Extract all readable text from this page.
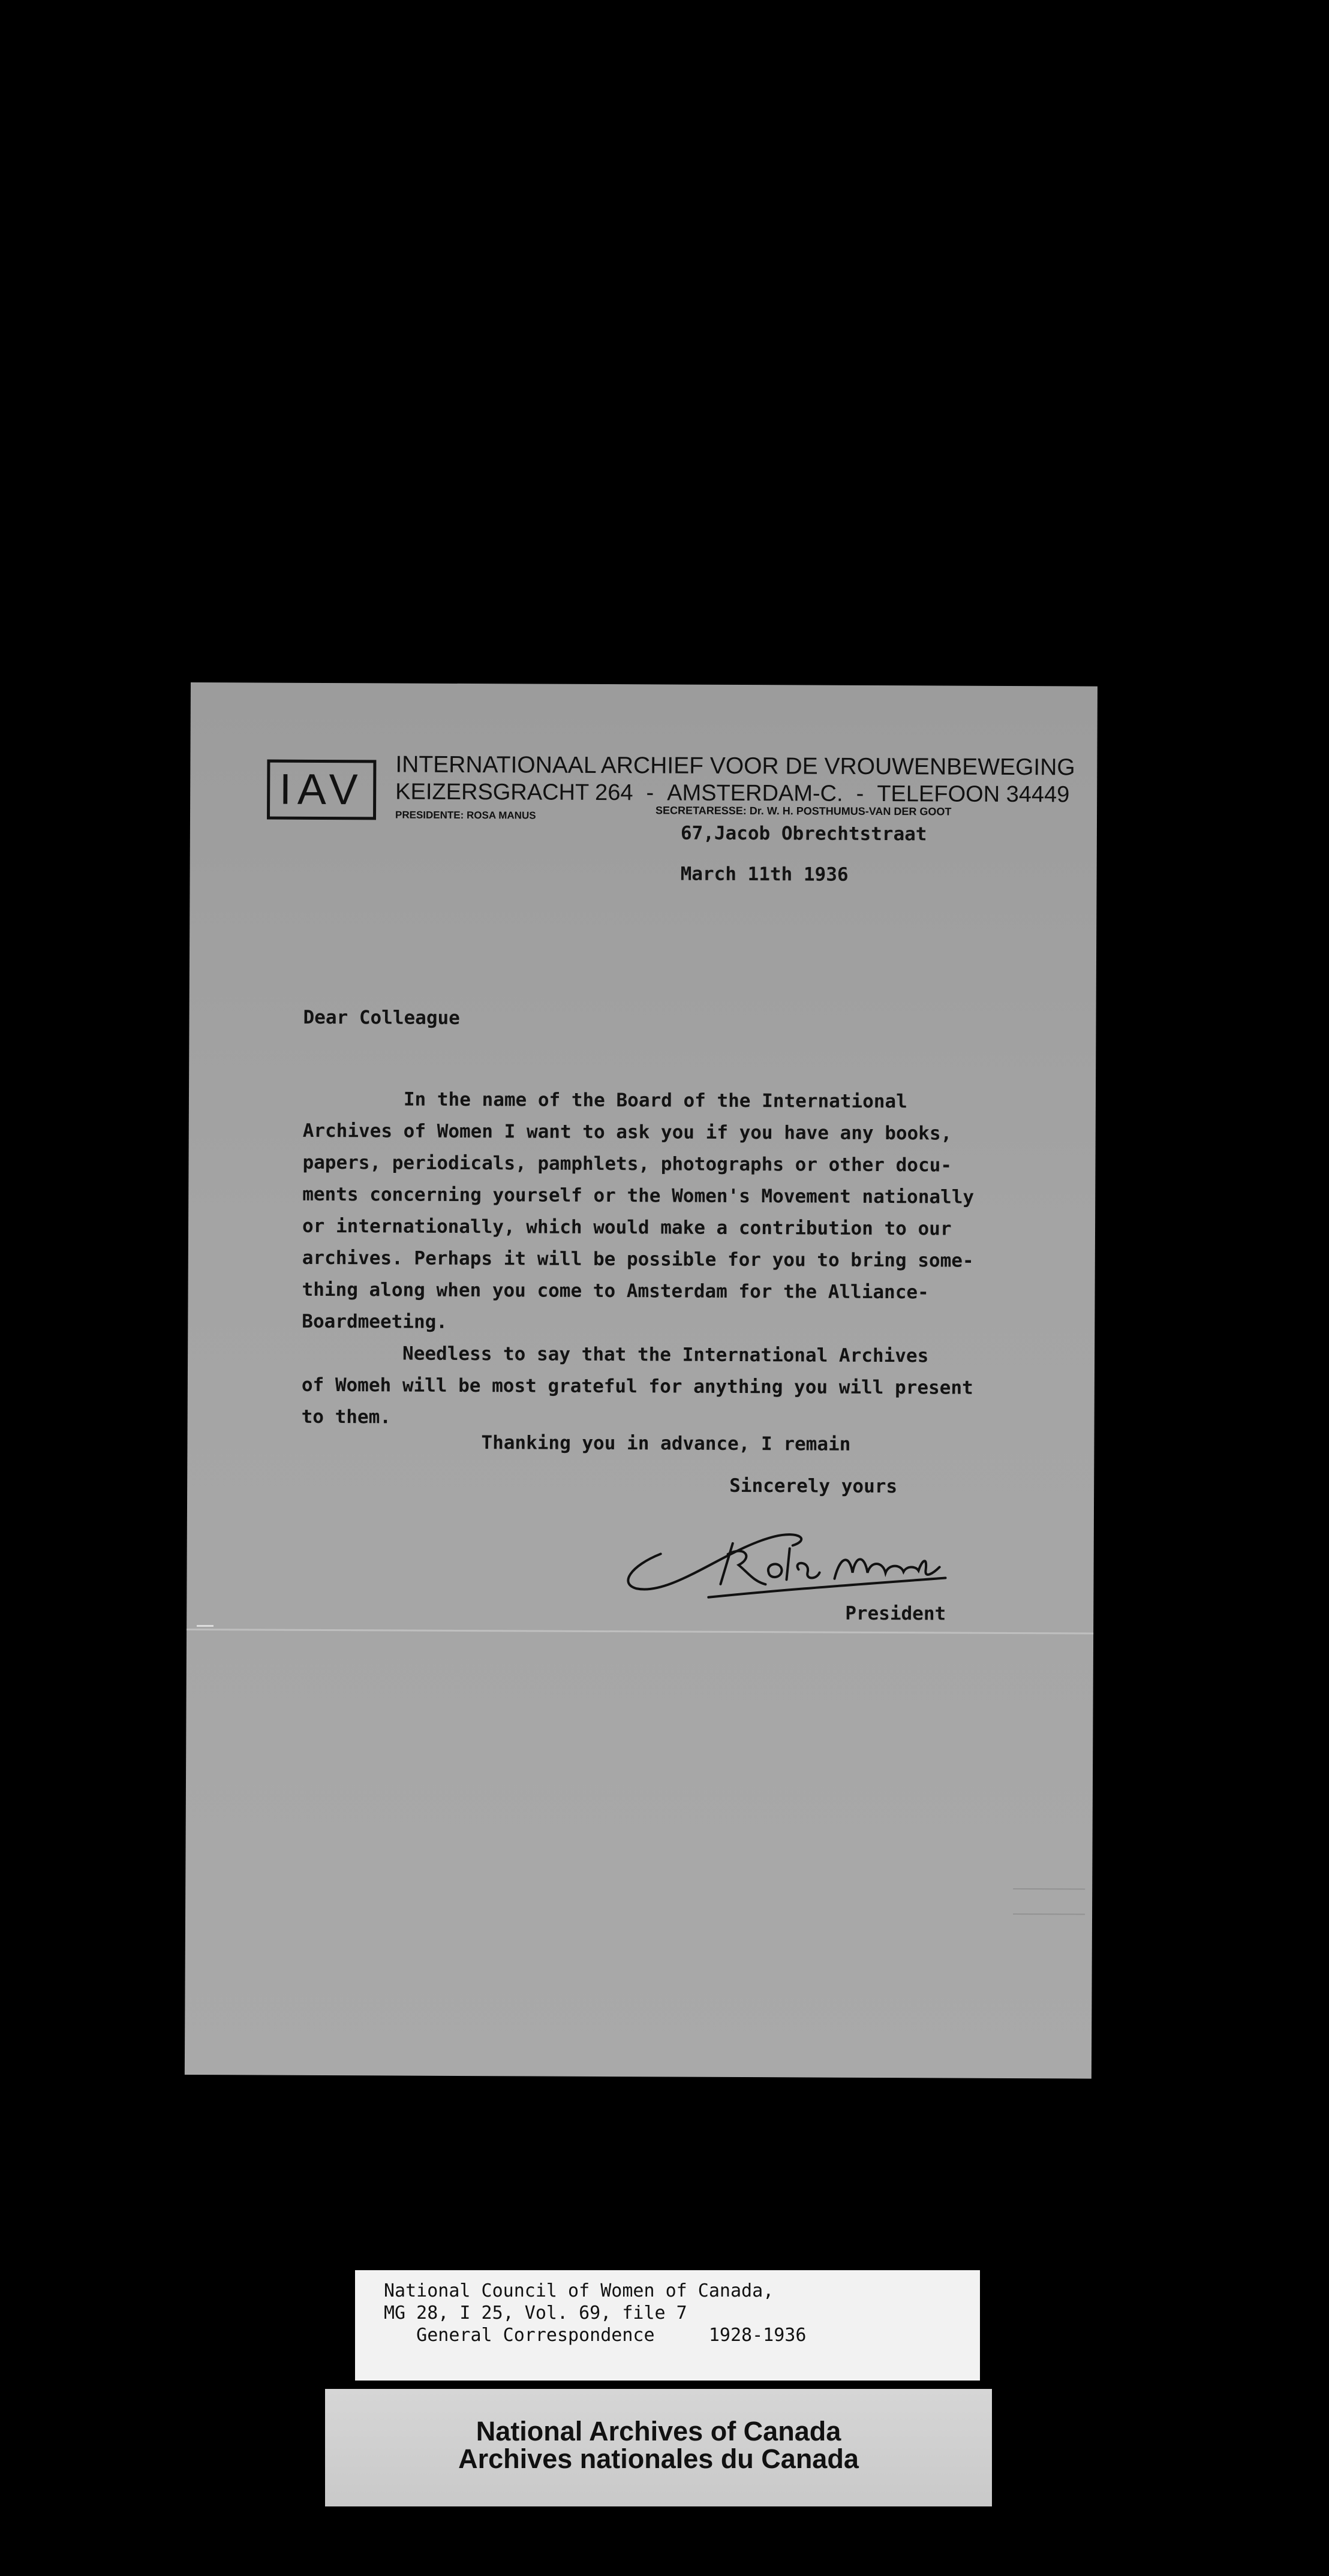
IAV INTERNATIONAAL ARCHIEF VOOR DE VROUWENBEWEGING
KEIZERSGRACHT 264 - AMSTERDAM-C. - TELEFOON 34449
PRESIDENTE: ROSA MANUS	SECRETARESSE: Dr. W. H. POSTHUMUS-VAN DER GOOT
67,Jacob Obrechtstraat
March 11th 1936
Dear Colleague
In the name of the Board of the International
Archives of Women I want to ask you if you have any books,
papers, periodicals, pamphlets, photographs or other docu-
ments concerning yourself or the Women's Movement nationally
or internationally, which would make a contribution to our
archives. Perhaps it will be possible for you to bring some-
thing along when you come to Amsterdam for the Alliance-
Boardmeeting.
Needless to say that the International Archives
of Womeh will be most grateful for anything you will present
to them.
Thanking you in advance, I remain
Sincerely yours
President
National Council of Women of Canada,
MG 28, I 25, Vol. 69, file 7
General Correspondence     1928-1936
National Archives of Canada
Archives nationales du Canada
